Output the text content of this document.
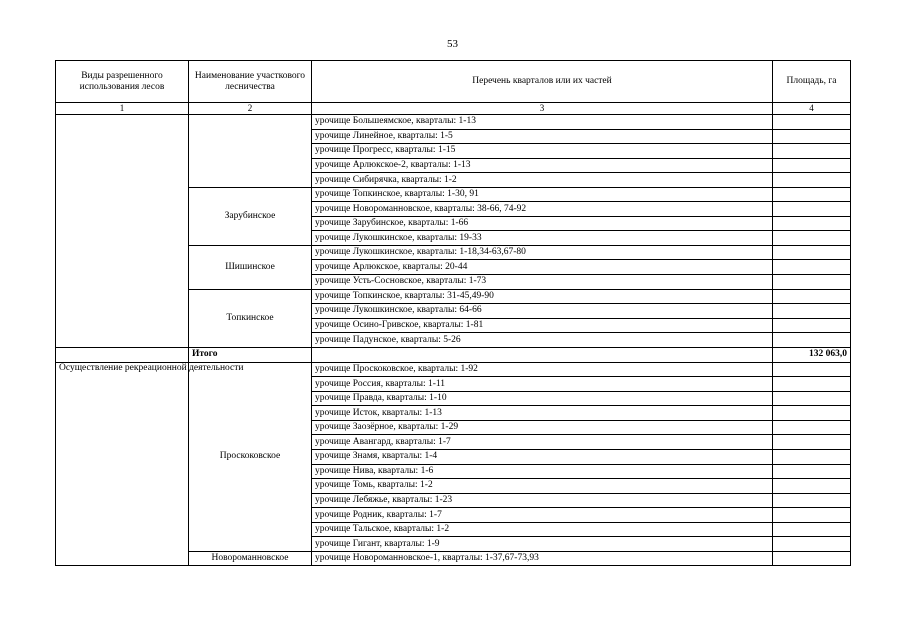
53
Виды разрешенного использования лесов	Наименование участкового лесничества	Перечень кварталов или их частей	Площадь, га
1	2	3	4
		урочище Большеямское, кварталы: 1-13	
		урочище Линейное, кварталы: 1-5	
		урочище Прогресс, кварталы: 1-15	
		урочище Арлюкское-2, кварталы: 1-13	
		урочище Сибирячка, кварталы: 1-2	
	Зарубинское	урочище Топкинское, кварталы: 1-30, 91	
		урочище Новороманновское, кварталы: 38-66, 74-92	
		урочище Зарубинское, кварталы: 1-66	
		урочище Лукошкинское, кварталы: 19-33	
	Шишинское	урочище Лукошкинское, кварталы: 1-18,34-63,67-80	
		урочище Арлюкское, кварталы: 20-44	
		урочище Усть-Сосновское, кварталы: 1-73	
	Топкинское	урочище Топкинское, кварталы: 31-45,49-90	
		урочище Лукошкинское, кварталы: 64-66	
		урочище Осино-Гривское, кварталы: 1-81	
		урочище Падунское, кварталы: 5-26	
	Итого		132 063,0
Осуществление рекреационной деятельности	Проскоковское	урочище Проскоковское, кварталы: 1-92	
		урочище Россия, кварталы: 1-11	
		урочище Правда, кварталы: 1-10	
		урочище Исток, кварталы: 1-13	
		урочище Заозёрное, кварталы: 1-29	
		урочище Авангард, кварталы: 1-7	
		урочище Знамя, кварталы: 1-4	
		урочище Нива, кварталы: 1-6	
		урочище Томь, кварталы: 1-2	
		урочище Лебяжье, кварталы: 1-23	
		урочище Родник, кварталы: 1-7	
		урочище Тальское, кварталы: 1-2	
		урочище Гигант, кварталы: 1-9	
	Новороманновское	урочище Новороманновское-1, кварталы: 1-37,67-73,93	
